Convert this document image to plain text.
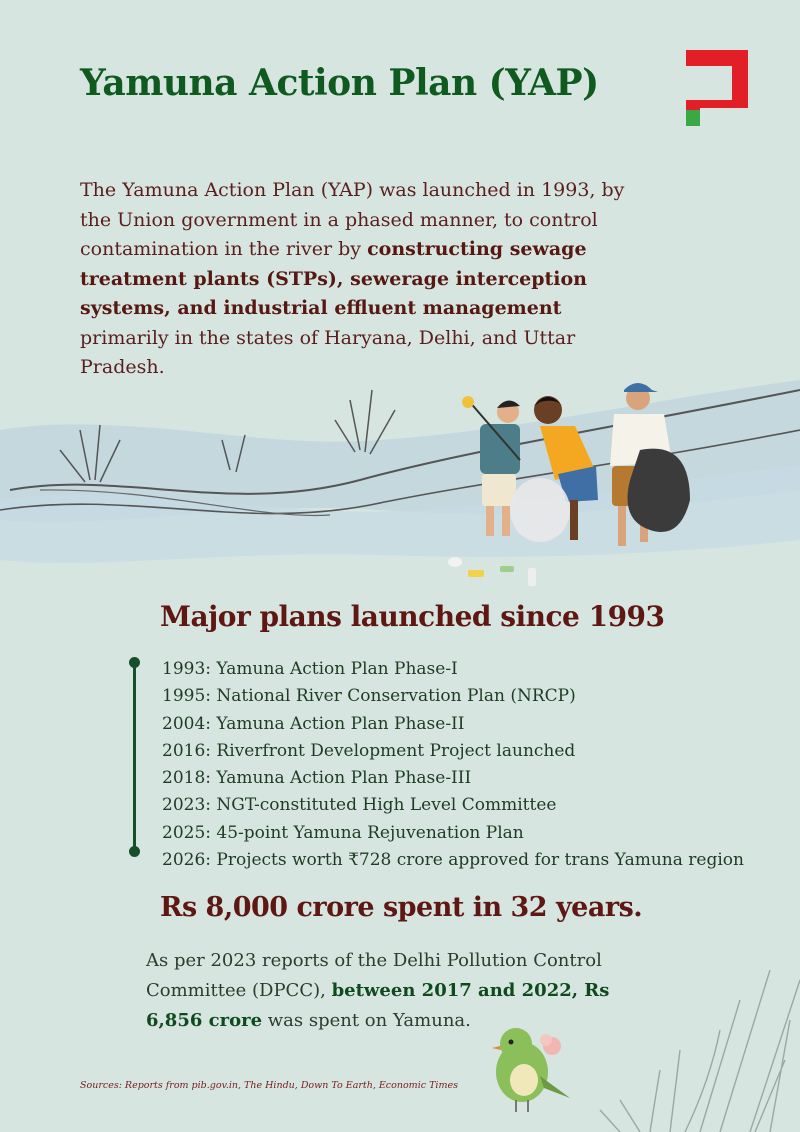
Yamuna Action Plan (YAP)

The Yamuna Action Plan (YAP) was launched in 1993, by the Union government in a phased manner, to control contamination in the river by constructing sewage treatment plants (STPs), sewerage interception systems, and industrial effluent management primarily in the states of Haryana, Delhi, and Uttar Pradesh.

Major plans launched since 1993
1993: Yamuna Action Plan Phase-I
1995: National River Conservation Plan (NRCP)
2004: Yamuna Action Plan Phase-II
2016: Riverfront Development Project launched
2018: Yamuna Action Plan Phase-III
2023: NGT-constituted High Level Committee
2025: 45-point Yamuna Rejuvenation Plan
2026: Projects worth ₹728 crore approved for trans Yamuna region
Rs 8,000 crore spent in 32 years.

As per 2023 reports of the Delhi Pollution Control Committee (DPCC), between 2017 and 2022, Rs 6,856 crore was spent on Yamuna.

Sources: Reports from pib.gov.in, The Hindu, Down To Earth, Economic Times
